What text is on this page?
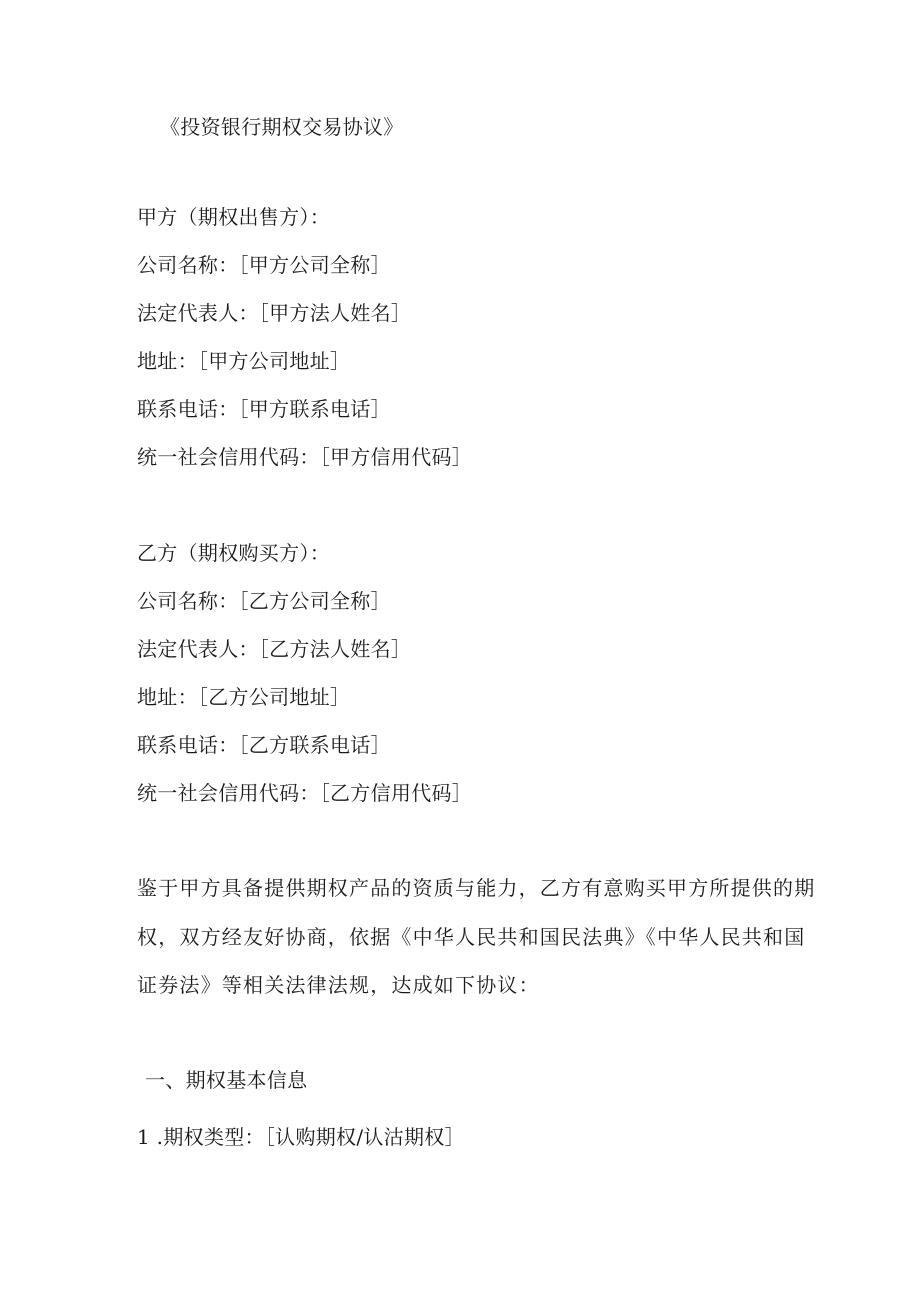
《投资银行期权交易协议》
甲方（期权出售方）：
公司名称：［甲方公司全称］
法定代表人：［甲方法人姓名］
地址：［甲方公司地址］
联系电话：［甲方联系电话］
统一社会信用代码：［甲方信用代码］
乙方（期权购买方）：
公司名称：［乙方公司全称］
法定代表人：［乙方法人姓名］
地址：［乙方公司地址］
联系电话：［乙方联系电话］
统一社会信用代码：［乙方信用代码］
鉴于甲方具备提供期权产品的资质与能力，乙方有意购买甲方所提供的期
权，双方经友好协商，依据《中华人民共和国民法典》《中华人民共和国
证券法》等相关法律法规，达成如下协议：
一、期权基本信息
1 .期权类型：［认购期权/认沽期权］
